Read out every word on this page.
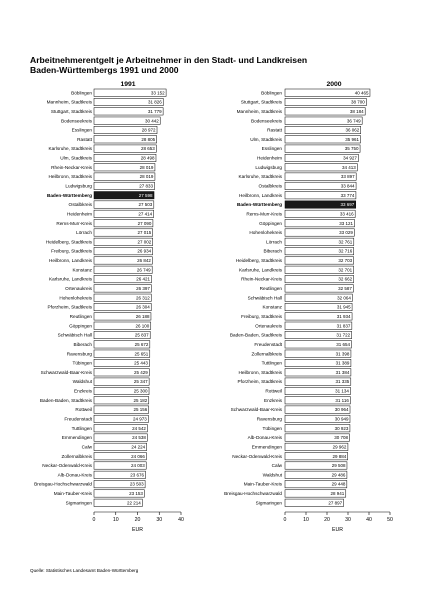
Arbeitnehmerentgelt je Arbeitnehmer in den Stadt- und Landkreisen
Baden-Württembergs 1991 und 2000
1991
Böblingen	33 152
Mannheim, Stadtkreis	31 826
Stuttgart, Stadtkreis	31 779
Bodenseekreis	30 442
Esslingen	28 972
Rastatt	28 805
Karlsruhe, Stadtkreis	28 653
Ulm, Stadtkreis	28 498
Rhein-Neckar-Kreis	28 019
Heilbronn, Stadtkreis	28 019
Ludwigsburg	27 833
Baden-Württemberg	27 598
Ostalbkreis	27 503
Heidenheim	27 414
Rems-Murr-Kreis	27 090
Lörrach	27 015
Heidelberg, Stadtkreis	27 002
Freiburg, Stadtkreis	26 934
Heilbronn, Landkreis	26 842
Konstanz	26 749
Karlsruhe, Landkreis	26 421
Ortenaukreis	26 397
Hohenlohekreis	26 312
Pforzheim, Stadtkreis	26 304
Reutlingen	26 188
Göppingen	26 100
Schwäbisch Hall	25 837
Biberach	25 672
Ravensburg	25 651
Tübingen	25 443
Schwarzwald-Baar-Kreis	25 429
Waldshut	25 347
Enzkreis	25 300
Baden-Baden, Stadtkreis	25 182
Rottweil	25 156
Freudenstadt	24 973
Tuttlingen	24 542
Emmendingen	24 538
Calw	24 224
Zollernalbkreis	24 066
Neckar-Odenwald-Kreis	24 003
Alb-Donau-Kreis	23 676
Breisgau-Hochschwarzwald	23 503
Main-Tauber-Kreis	23 153
Sigmaringen	22 214
0	10	20	30	40
EUR
2000
Böblingen	40 465
Stuttgart, Stadtkreis	38 700
Mannheim, Stadtkreis	38 184
Bodenseekreis	36 749
Rastatt	36 062
Ulm, Stadtkreis	35 961
Esslingen	35 750
Heidenheim	34 927
Ludwigsburg	34 413
Karlsruhe, Stadtkreis	33 897
Ostalbkreis	33 844
Heilbronn, Landkreis	33 774
Baden-Württemberg	33 697
Rems-Murr-Kreis	33 416
Göppingen	33 121
Hohenlohekreis	33 029
Lörrach	32 761
Biberach	32 716
Heidelberg, Stadtkreis	32 703
Karlsruhe, Landkreis	32 701
Rhein-Neckar-Kreis	32 662
Reutlingen	32 587
Schwäbisch Hall	32 064
Konstanz	31 945
Freiburg, Stadtkreis	31 934
Ortenaukreis	31 837
Baden-Baden, Stadtkreis	31 722
Freudenstadt	31 654
Zollernalbkreis	31 398
Tuttlingen	31 389
Heilbronn, Stadtkreis	31 384
Pforzheim, Stadtkreis	31 335
Rottweil	31 134
Enzkreis	31 116
Schwarzwald-Baar-Kreis	30 964
Ravensburg	30 949
Tübingen	30 923
Alb-Donau-Kreis	30 708
Emmendingen	29 962
Neckar-Odenwald-Kreis	29 884
Calw	29 508
Waldshut	29 486
Main-Tauber-Kreis	29 448
Breisgau-Hochschwarzwald	28 941
Sigmaringen	27 897
0	10	20	30	40	50
EUR
Quelle: Statistisches Landesamt Baden-Württemberg
